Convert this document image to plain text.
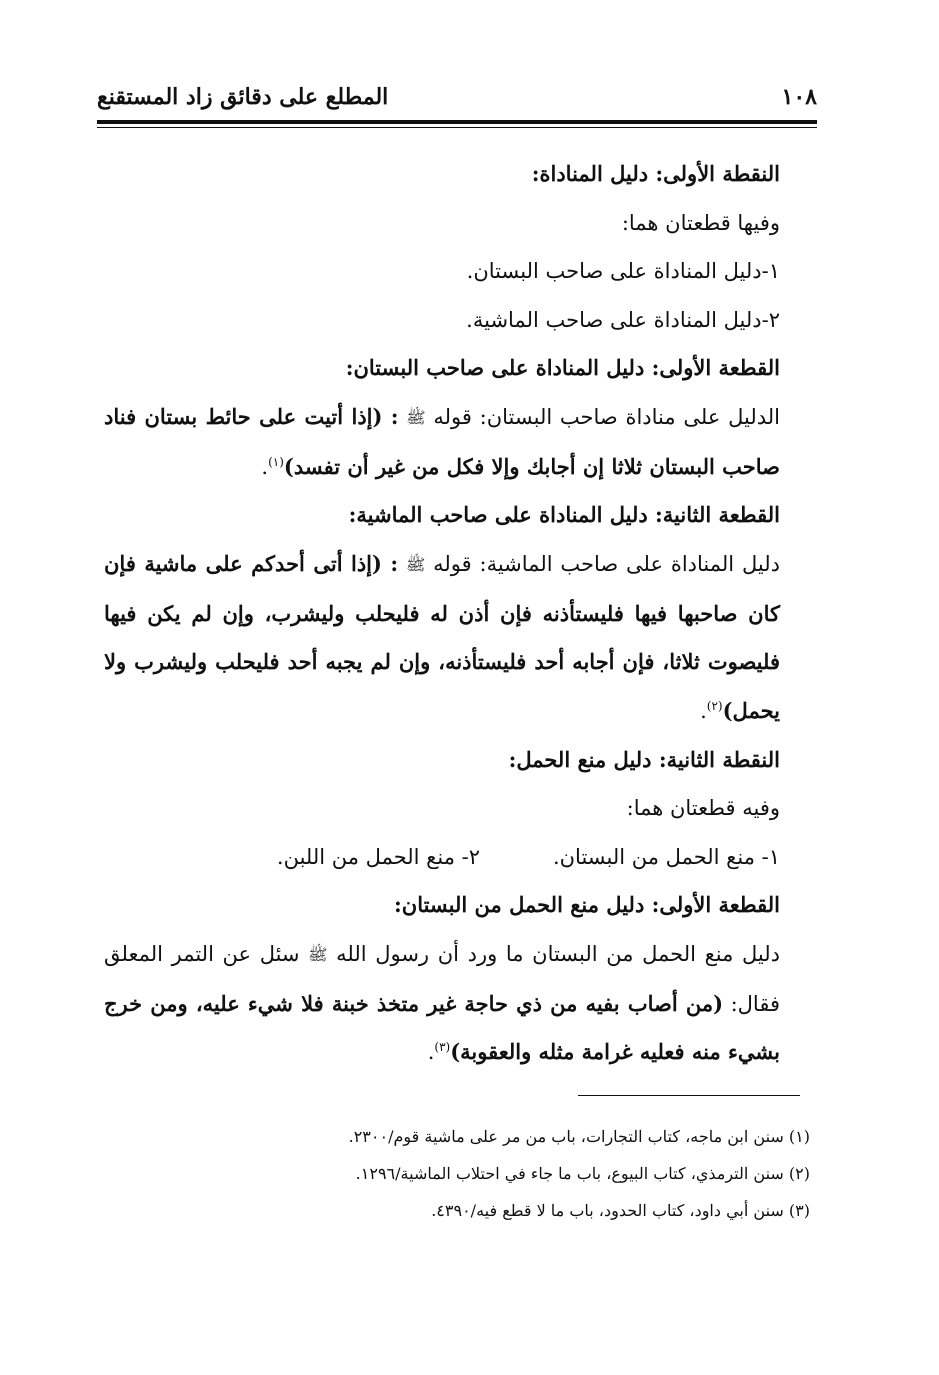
المطلع على دقائق زاد المستقنع	١٠٨

النقطة الأولى: دليل المناداة:

وفيها قطعتان هما:

١-دليل المناداة على صاحب البستان.

٢-دليل المناداة على صاحب الماشية.

القطعة الأولى: دليل المناداة على صاحب البستان:

الدليل على مناداة صاحب البستان: قوله ﷺ : (إذا أتيت على حائط بستان فناد صاحب البستان ثلاثا إن أجابك وإلا فكل من غير أن تفسد)$^{(١)}$.

القطعة الثانية: دليل المناداة على صاحب الماشية:

دليل المناداة على صاحب الماشية: قوله ﷺ : (إذا أتى أحدكم على ماشية فإن كان صاحبها فيها فليستأذنه فإن أذن له فليحلب وليشرب، وإن لم يكن فيها فليصوت ثلاثا، فإن أجابه أحد فليستأذنه، وإن لم يجبه أحد فليحلب وليشرب ولا يحمل)$^{(٢)}$.

النقطة الثانية: دليل منع الحمل:

وفيه قطعتان هما:

١- منع الحمل من البستان.
٢- منع الحمل من اللبن.

القطعة الأولى: دليل منع الحمل من البستان:

دليل منع الحمل من البستان ما ورد أن رسول الله ﷺ سئل عن التمر المعلق فقال: (من أصاب بفيه من ذي حاجة غير متخذ خبنة فلا شيء عليه، ومن خرج بشيء منه فعليه غرامة مثله والعقوبة)$^{(٣)}$.

(١) سنن ابن ماجه، كتاب التجارات، باب من مر على ماشية قوم/٢٣٠٠.

(٢) سنن الترمذي، كتاب البيوع، باب ما جاء في احتلاب الماشية/١٢٩٦.

(٣) سنن أبي داود، كتاب الحدود، باب ما لا قطع فيه/٤٣٩٠.
